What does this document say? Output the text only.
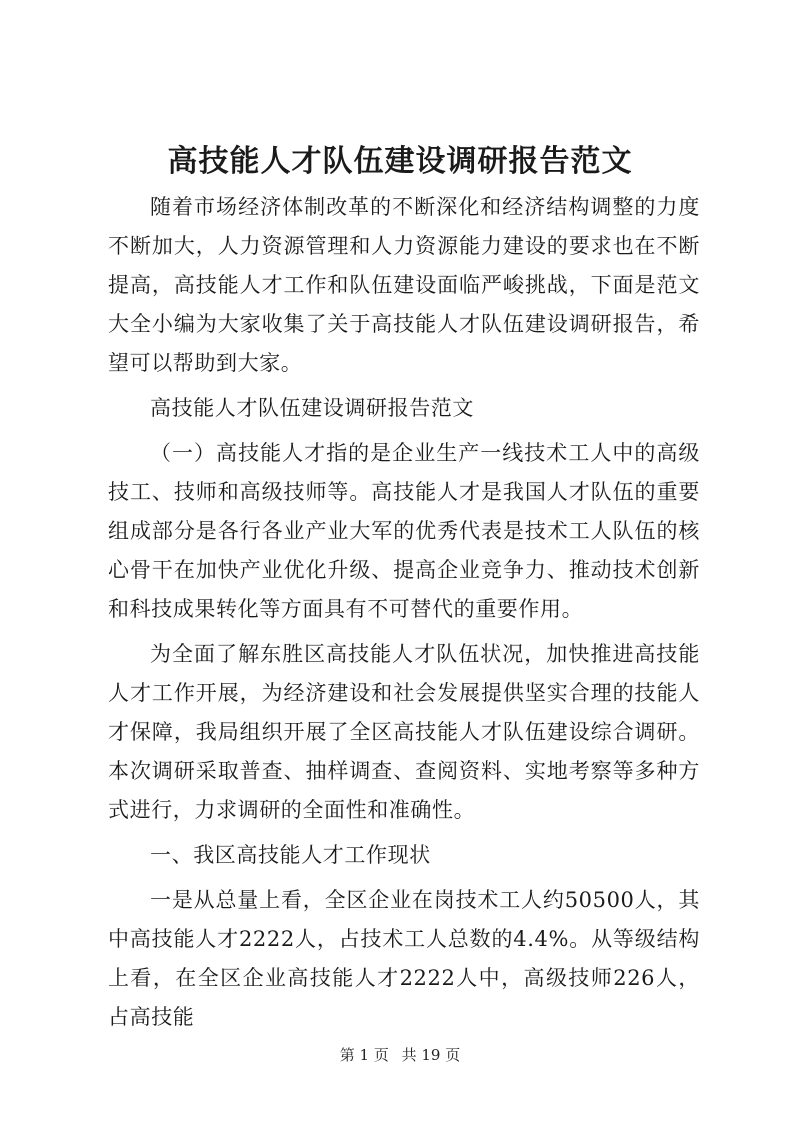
高技能人才队伍建设调研报告范文

随着市场经济体制改革的不断深化和经济结构调整的力度不断加大，人力资源管理和人力资源能力建设的要求也在不断提高，高技能人才工作和队伍建设面临严峻挑战，下面是范文大全小编为大家收集了关于高技能人才队伍建设调研报告，希望可以帮助到大家。

高技能人才队伍建设调研报告范文

（一）高技能人才指的是企业生产一线技术工人中的高级技工、技师和高级技师等。高技能人才是我国人才队伍的重要组成部分是各行各业产业大军的优秀代表是技术工人队伍的核心骨干在加快产业优化升级、提高企业竞争力、推动技术创新和科技成果转化等方面具有不可替代的重要作用。

为全面了解东胜区高技能人才队伍状况，加快推进高技能人才工作开展，为经济建设和社会发展提供坚实合理的技能人才保障，我局组织开展了全区高技能人才队伍建设综合调研。本次调研采取普查、抽样调查、查阅资料、实地考察等多种方式进行，力求调研的全面性和准确性。

一、我区高技能人才工作现状

一是从总量上看，全区企业在岗技术工人约50500人，其中高技能人才2222人，占技术工人总数的4.4%。从等级结构上看，在全区企业高技能人才2222人中，高级技师226人，占高技能

第 1 页 共 19 页
